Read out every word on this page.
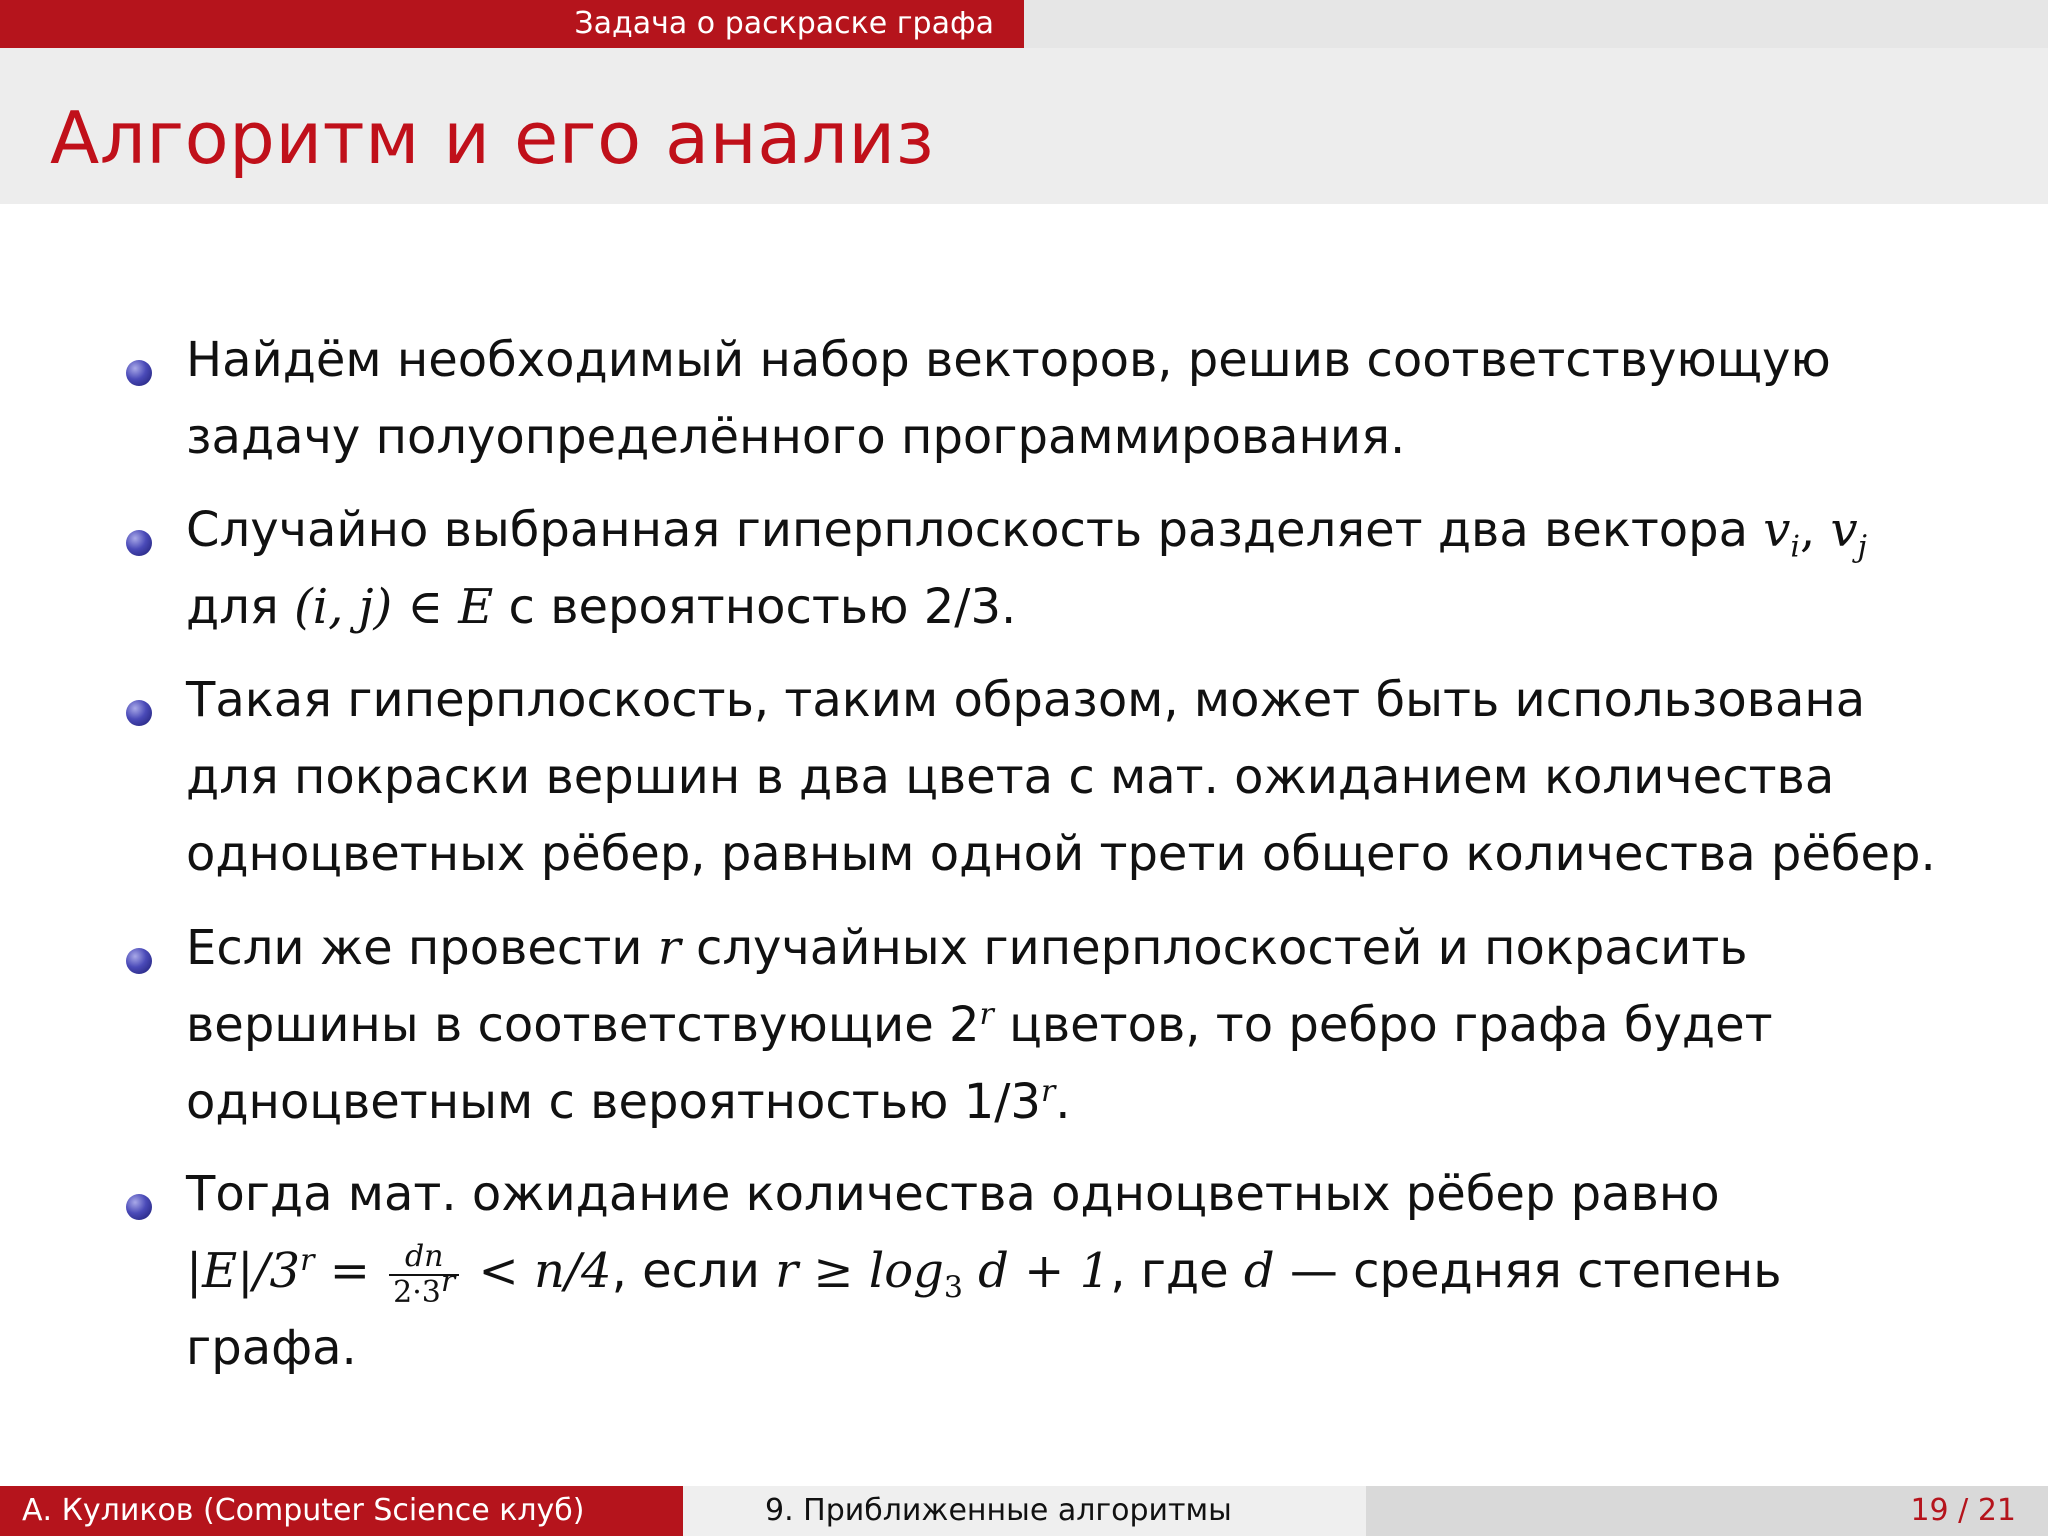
Задача о раскраске графа
Алгоритм и его анализ
Найдём необходимый набор векторов, решив соответствующую
задачу полуопределённого программирования.
Случайно выбранная гиперплоскость разделяет два вектора $v_i$, $v_j$
для (i, j) ∈ E с вероятностью 2/3.
Такая гиперплоскость, таким образом, может быть использована
для покраски вершин в два цвета с мат. ожиданием количества
одноцветных рёбер, равным одной трети общего количества рёбер.
Если же провести r случайных гиперплоскостей и покрасить
вершины в соответствующие 2$^r$ цветов, то ребро графа будет
одноцветным с вероятностью 1/3$^r$.
Тогда мат. ожидание количества одноцветных рёбер равно
$|E|/3^r = \frac{dn}{2\cdot 3^r} < n/4$, если $r \ge \log_3 d + 1$, где d — средняя степень
графа.
А. Куликов (Computer Science клуб)	9. Приближенные алгоритмы	19 / 21
